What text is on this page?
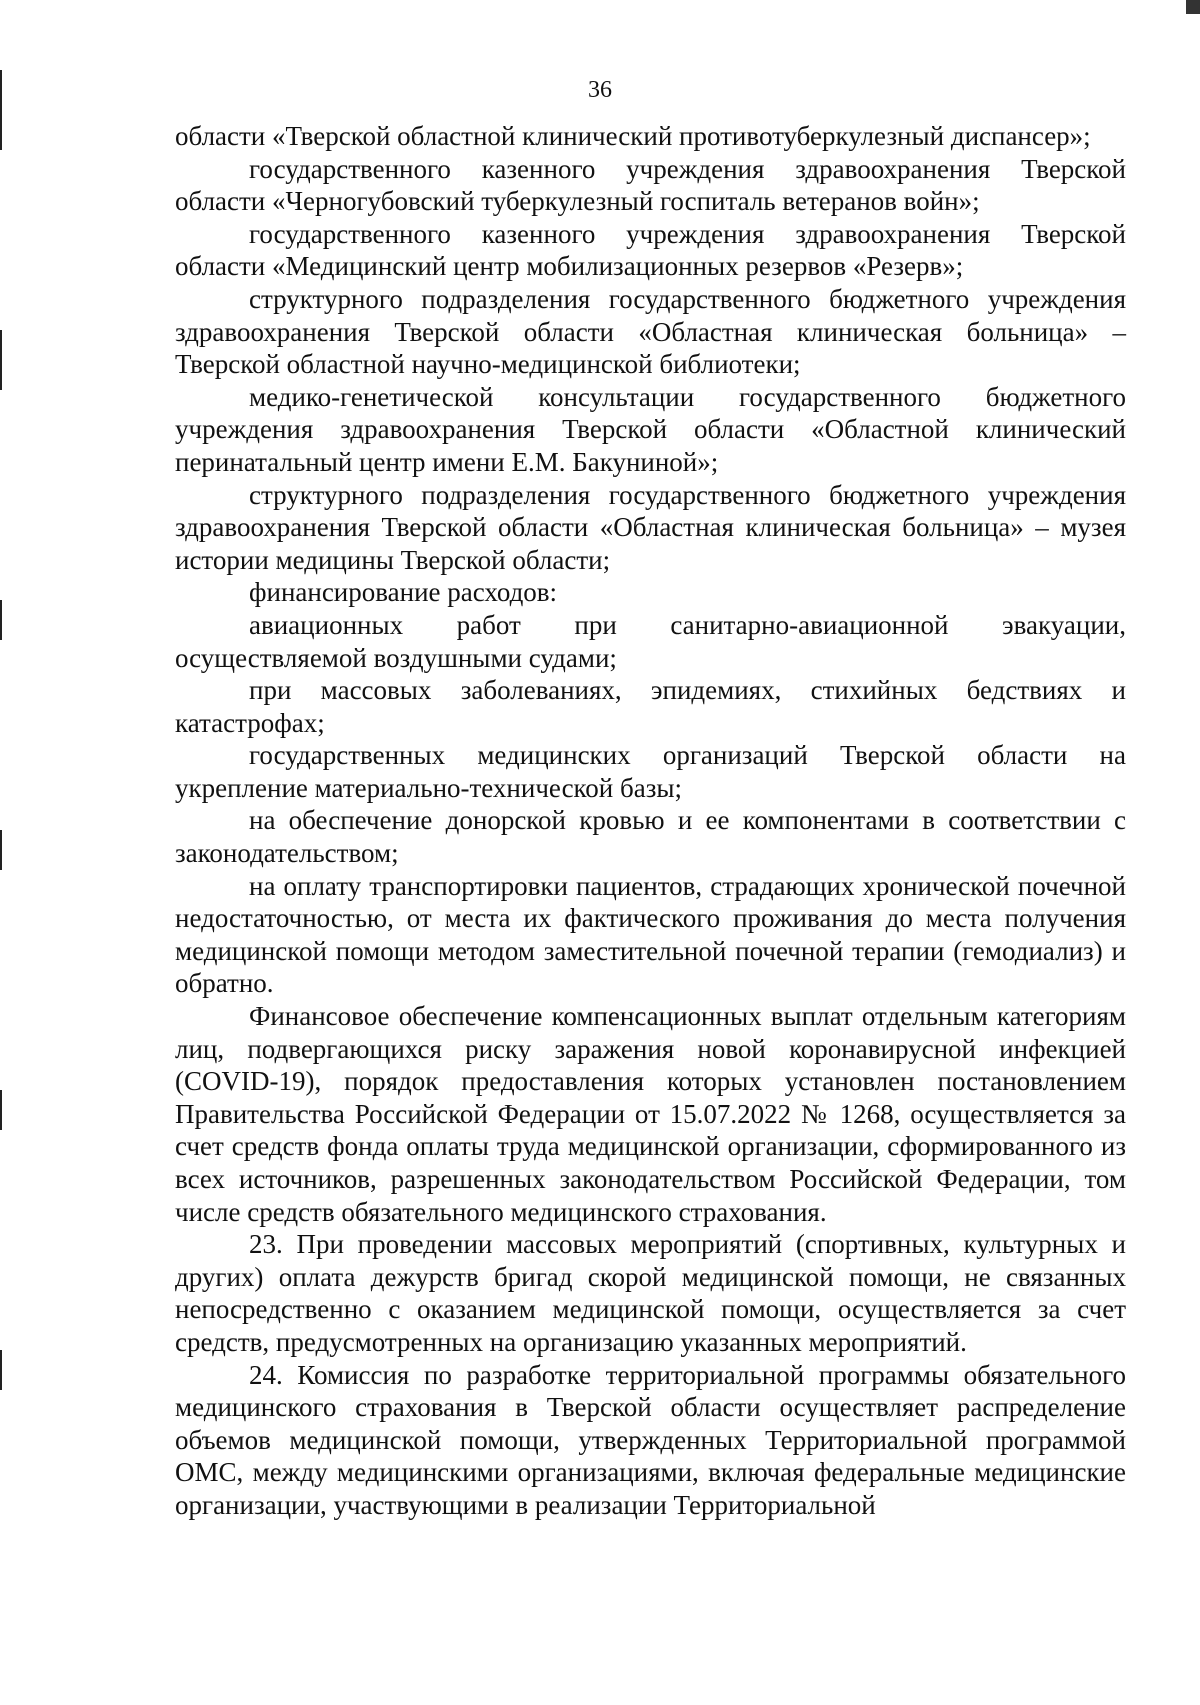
36

области «Тверской областной клинический противотуберкулезный диспансер»;

государственного казенного учреждения здравоохранения Тверской области «Черногубовский туберкулезный госпиталь ветеранов войн»;

государственного казенного учреждения здравоохранения Тверской области «Медицинский центр мобилизационных резервов «Резерв»;

структурного подразделения государственного бюджетного учреждения здравоохранения Тверской области «Областная клиническая больница» – Тверской областной научно-медицинской библиотеки;

медико-генетической консультации государственного бюджетного учреждения здравоохранения Тверской области «Областной клинический перинатальный центр имени Е.М. Бакуниной»;

структурного подразделения государственного бюджетного учреждения здравоохранения Тверской области «Областная клиническая больница» – музея истории медицины Тверской области;

финансирование расходов:

авиационных работ при санитарно-авиационной эвакуации, осуществляемой воздушными судами;

при массовых заболеваниях, эпидемиях, стихийных бедствиях и катастрофах;

государственных медицинских организаций Тверской области на укрепление материально-технической базы;

на обеспечение донорской кровью и ее компонентами в соответствии с законодательством;

на оплату транспортировки пациентов, страдающих хронической почечной недостаточностью, от места их фактического проживания до места получения медицинской помощи методом заместительной почечной терапии (гемодиализ) и обратно.

Финансовое обеспечение компенсационных выплат отдельным категориям лиц, подвергающихся риску заражения новой коронавирусной инфекцией (COVID-19), порядок предоставления которых установлен постановлением Правительства Российской Федерации от 15.07.2022 № 1268, осуществляется за счет средств фонда оплаты труда медицинской организации, сформированного из всех источников, разрешенных законодательством Российской Федерации, том числе средств обязательного медицинского страхования.

23. При проведении массовых мероприятий (спортивных, культурных и других) оплата дежурств бригад скорой медицинской помощи, не связанных непосредственно с оказанием медицинской помощи, осуществляется за счет средств, предусмотренных на организацию указанных мероприятий.

24. Комиссия по разработке территориальной программы обязательного медицинского страхования в Тверской области осуществляет распределение объемов медицинской помощи, утвержденных Территориальной программой ОМС, между медицинскими организациями, включая федеральные медицинские организации, участвующими в реализации Территориальной
